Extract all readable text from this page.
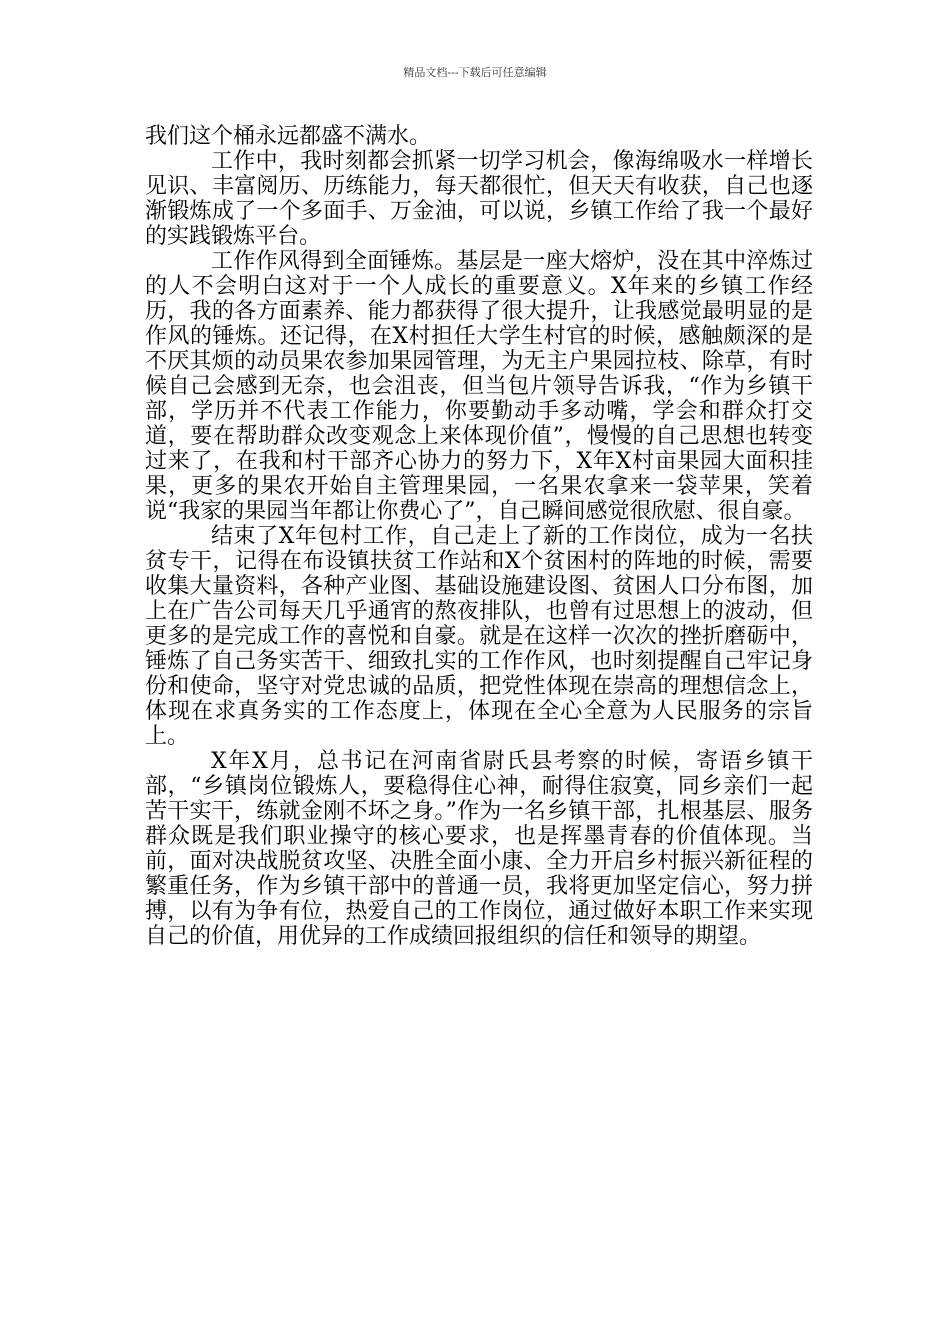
精品文档---下载后可任意编辑

我们这个桶永远都盛不满水。

工作中，我时刻都会抓紧一切学习机会，像海绵吸水一样增长见识、丰富阅历、历练能力，每天都很忙，但天天有收获，自己也逐渐锻炼成了一个多面手、万金油，可以说，乡镇工作给了我一个最好的实践锻炼平台。

工作作风得到全面锤炼。基层是一座大熔炉，没在其中淬炼过的人不会明白这对于一个人成长的重要意义。X年来的乡镇工作经历，我的各方面素养、能力都获得了很大提升，让我感觉最明显的是作风的锤炼。还记得，在X村担任大学生村官的时候，感触颇深的是不厌其烦的动员果农参加果园管理，为无主户果园拉枝、除草，有时候自己会感到无奈，也会沮丧，但当包片领导告诉我，“作为乡镇干部，学历并不代表工作能力，你要勤动手多动嘴，学会和群众打交道，要在帮助群众改变观念上来体现价值”，慢慢的自己思想也转变过来了，在我和村干部齐心协力的努力下，X年X村亩果园大面积挂果，更多的果农开始自主管理果园，一名果农拿来一袋苹果，笑着说“我家的果园当年都让你费心了”，自己瞬间感觉很欣慰、很自豪。

结束了X年包村工作，自己走上了新的工作岗位，成为一名扶贫专干，记得在布设镇扶贫工作站和X个贫困村的阵地的时候，需要收集大量资料，各种产业图、基础设施建设图、贫困人口分布图，加上在广告公司每天几乎通宵的熬夜排队，也曾有过思想上的波动，但更多的是完成工作的喜悦和自豪。就是在这样一次次的挫折磨砺中，锤炼了自己务实苦干、细致扎实的工作作风，也时刻提醒自己牢记身份和使命，坚守对党忠诚的品质，把党性体现在崇高的理想信念上，体现在求真务实的工作态度上，体现在全心全意为人民服务的宗旨上。

X年X月，总书记在河南省尉氏县考察的时候，寄语乡镇干部，“乡镇岗位锻炼人，要稳得住心神，耐得住寂寞，同乡亲们一起苦干实干，练就金刚不坏之身。”作为一名乡镇干部，扎根基层、服务群众既是我们职业操守的核心要求，也是挥墨青春的价值体现。当 前，面对决战脱贫攻坚、决胜全面小康、全力开启乡村振兴新征程的繁重任务，作为乡镇干部中的普通一员，我将更加坚定信心，努力拼搏，以有为争有位，热爱自己的工作岗位，通过做好本职工作来实现自己的价值，用优异的工作成绩回报组织的信任和领导的期望。
